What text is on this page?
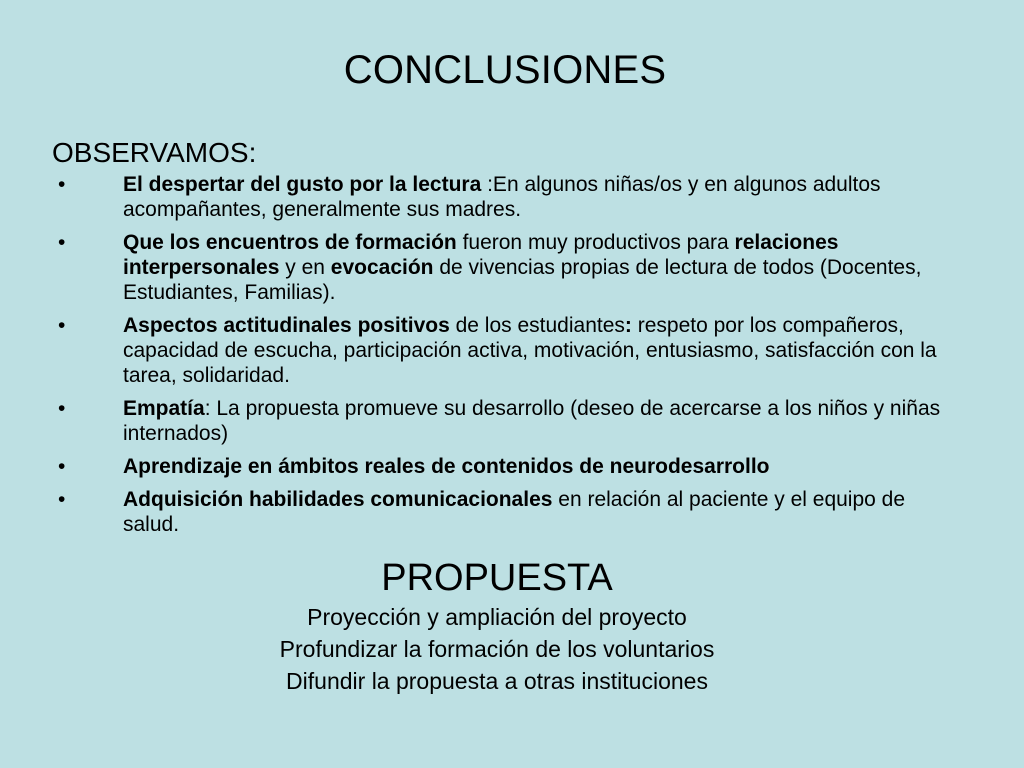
CONCLUSIONES
OBSERVAMOS:
•	El despertar del gusto por la lectura :En algunos niñas/os y en algunos adultos acompañantes, generalmente sus madres.
•	Que los encuentros de formación fueron muy productivos para relaciones interpersonales y en evocación de vivencias propias de lectura de todos (Docentes, Estudiantes, Familias).
•	Aspectos actitudinales positivos de los estudiantes: respeto por los compañeros, capacidad de escucha, participación activa, motivación, entusiasmo, satisfacción con la tarea, solidaridad.
•	Empatía: La propuesta promueve su desarrollo (deseo de acercarse a los niños y niñas internados)
•	Aprendizaje en ámbitos reales de contenidos de neurodesarrollo
•	Adquisición habilidades comunicacionales en relación al paciente y el equipo de salud.
PROPUESTA
Proyección y ampliación del proyecto
Profundizar la formación de los voluntarios
Difundir la propuesta a otras instituciones
